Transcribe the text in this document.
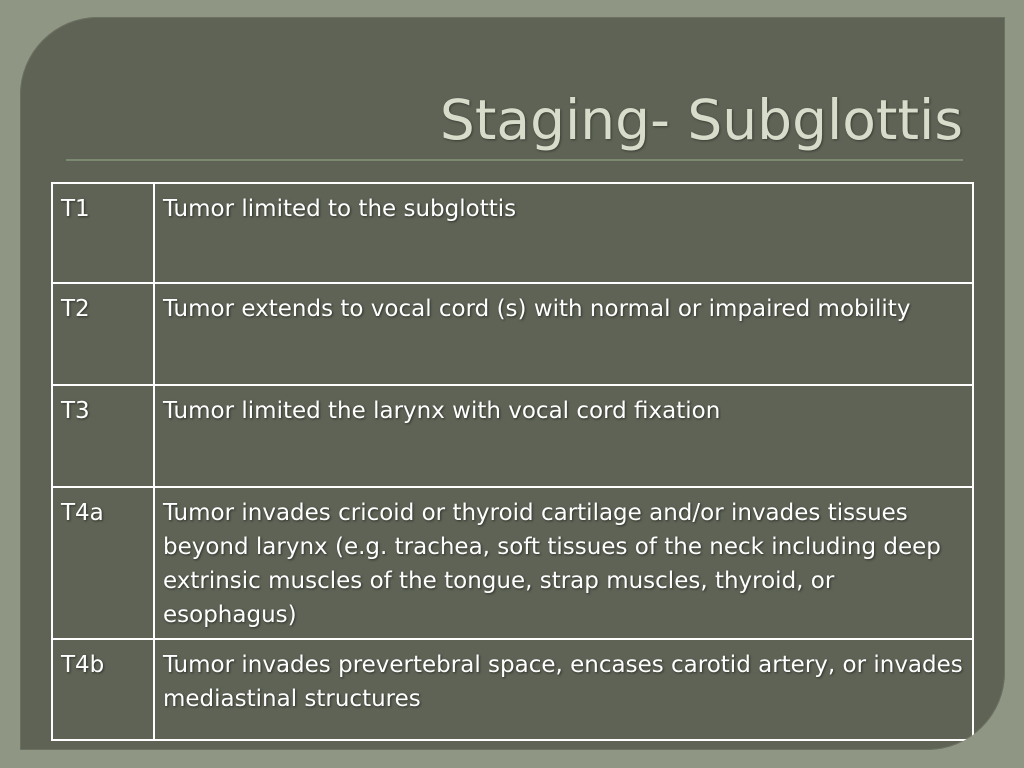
Staging- Subglottis
T1	Tumor limited to the subglottis
T2	Tumor extends to vocal cord (s) with normal or impaired mobility
T3	Tumor limited the larynx with vocal cord fixation
T4a	Tumor invades cricoid or thyroid cartilage and/or invades tissues beyond larynx (e.g. trachea, soft tissues of the neck including deep extrinsic muscles of the tongue, strap muscles, thyroid, or esophagus)
T4b	Tumor invades prevertebral space, encases carotid artery, or invades mediastinal structures
